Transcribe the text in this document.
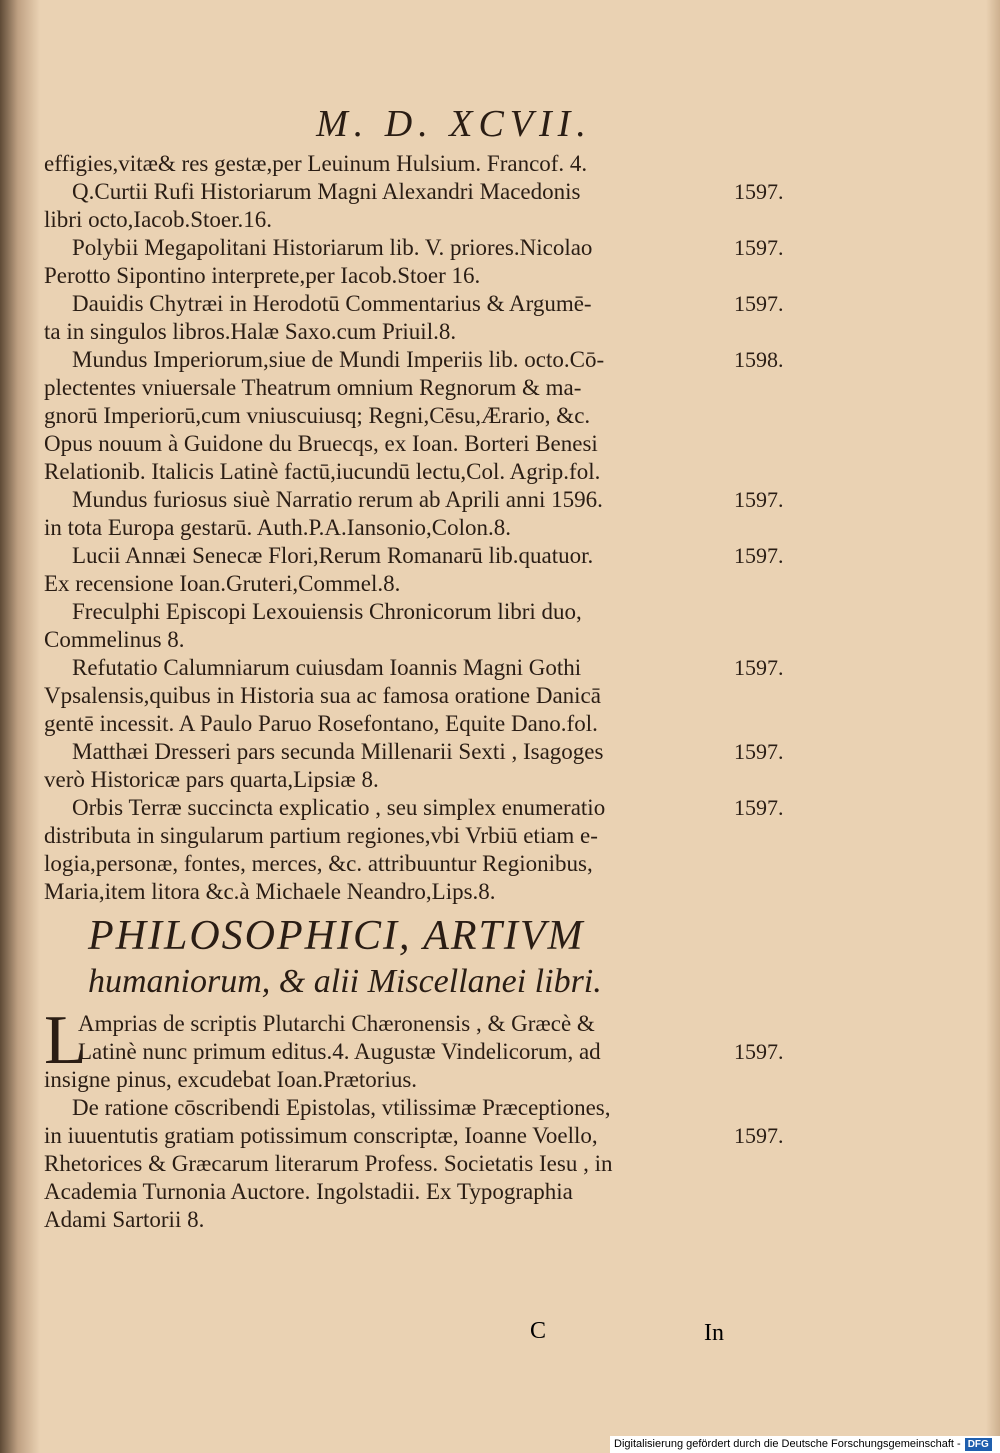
M. D. XCVII.
effigies,vitæ& res gestæ,per Leuinum Hulsium. Francof. 4.
Q.Curtii Rufi Historiarum Magni Alexandri Macedonis	1597.
libri octo,Iacob.Stoer.16.
Polybii Megapolitani Historiarum lib. V. priores.Nicolao	1597.
Perotto Sipontino interprete,per Iacob.Stoer 16.
Dauidis Chytræi in Herodotū Commentarius & Argumē-	1597.
ta in singulos libros.Halæ Saxo.cum Priuil.8.
Mundus Imperiorum,siue de Mundi Imperiis lib. octo.Cō-	1598.
plectentes vniuersale Theatrum omnium Regnorum & ma-
gnorū Imperiorū,cum vniuscuiusq; Regni,Cēsu,Ærario, &c.
Opus nouum à Guidone du Bruecqs, ex Ioan. Borteri Benesi
Relationib. Italicis Latinè factū,iucundū lectu,Col. Agrip.fol.
Mundus furiosus siuè Narratio rerum ab Aprili anni 1596.	1597.
in tota Europa gestarū. Auth.P.A.Iansonio,Colon.8.
Lucii Annæi Senecæ Flori,Rerum Romanarū lib.quatuor.	1597.
Ex recensione Ioan.Gruteri,Commel.8.
Freculphi Episcopi Lexouiensis Chronicorum libri duo,
Commelinus 8.
Refutatio Calumniarum cuiusdam Ioannis Magni Gothi	1597.
Vpsalensis,quibus in Historia sua ac famosa oratione Danicā
gentē incessit. A Paulo Paruo Rosefontano, Equite Dano.fol.
Matthæi Dresseri pars secunda Millenarii Sexti , Isagoges	1597.
verò Historicæ pars quarta,Lipsiæ 8.
Orbis Terræ succincta explicatio , seu simplex enumeratio	1597.
distributa in singularum partium regiones,vbi Vrbiū etiam e-
logia,personæ, fontes, merces, &c. attribuuntur Regionibus,
Maria,item litora &c.à Michaele Neandro,Lips.8.
PHILOSOPHICI, ARTIVM
humaniorum, & alii Miscellanei libri.
L
Amprias de scriptis Plutarchi Chæronensis , & Græcè &
Latinè nunc primum editus.4. Augustæ Vindelicorum, ad	1597.
insigne pinus, excudebat Ioan.Prætorius.
De ratione cōscribendi Epistolas, vtilissimæ Præceptiones,
in iuuentutis gratiam potissimum conscriptæ, Ioanne Voello,	1597.
Rhetorices & Græcarum literarum Profess. Societatis Iesu , in
Academia Turnonia Auctore. Ingolstadii. Ex Typographia
Adami Sartorii 8.
C	In
Digitalisierung gefördert durch die Deutsche Forschungsgemeinschaft - DFG
